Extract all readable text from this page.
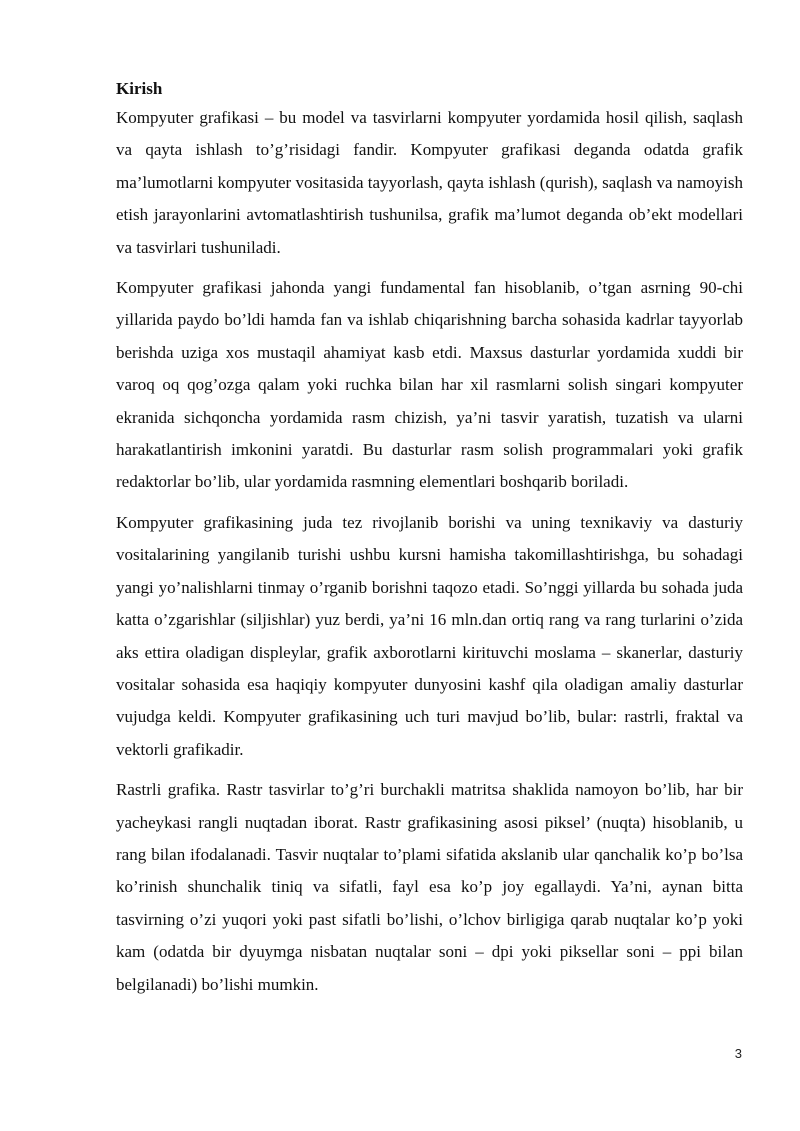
Kirish

Kompyuter grafikasi – bu model va tasvirlarni kompyuter yordamida hosil qilish, saqlash va qayta ishlash to’g’risidagi fandir. Kompyuter grafikasi deganda odatda grafik ma’lumotlarni kompyuter vositasida tayyorlash, qayta ishlash (qurish), saqlash va namoyish etish jarayonlarini avtomatlashtirish tushunilsa, grafik ma’lumot deganda ob’ekt modellari va tasvirlari tushuniladi.

Kompyuter grafikasi jahonda yangi fundamental fan hisoblanib, o’tgan asrning 90-chi yillarida paydo bo’ldi hamda fan va ishlab chiqarishning barcha sohasida kadrlar tayyorlab berishda uziga xos mustaqil ahamiyat kasb etdi. Maxsus dasturlar yordamida xuddi bir varoq oq qog’ozga qalam yoki ruchka bilan har xil rasmlarni solish singari kompyuter ekranida sichqoncha yordamida rasm chizish, ya’ni tasvir yaratish, tuzatish va ularni harakatlantirish imkonini yaratdi. Bu dasturlar rasm solish programmalari yoki grafik redaktorlar bo’lib, ular yordamida rasmning elementlari boshqarib boriladi.

Kompyuter grafikasining juda tez rivojlanib borishi va uning texnikaviy va dasturiy vositalarining yangilanib turishi ushbu kursni hamisha takomillashtirishga, bu sohadagi yangi yo’nalishlarni tinmay o’rganib borishni taqozo etadi. So’nggi yillarda bu sohada juda katta o’zgarishlar (siljishlar) yuz berdi, ya’ni 16 mln.dan ortiq rang va rang turlarini o’zida aks ettira oladigan displeylar, grafik axborotlarni kirituvchi moslama – skanerlar, dasturiy vositalar sohasida esa haqiqiy kompyuter dunyosini kashf qila oladigan amaliy dasturlar vujudga keldi. Kompyuter grafikasining uch turi mavjud bo’lib, bular: rastrli, fraktal va vektorli grafikadir.

Rastrli grafika. Rastr tasvirlar to’g’ri burchakli matritsa shaklida namoyon bo’lib, har bir yacheykasi rangli nuqtadan iborat. Rastr grafikasining asosi piksel’ (nuqta) hisoblanib, u rang bilan ifodalanadi. Tasvir nuqtalar to’plami sifatida akslanib ular qanchalik ko’p bo’lsa ko’rinish shunchalik tiniq va sifatli, fayl esa ko’p joy egallaydi. Ya’ni, aynan bitta tasvirning o’zi yuqori yoki past sifatli bo’lishi, o’lchov birligiga qarab nuqtalar ko’p yoki kam (odatda bir dyuymga nisbatan nuqtalar soni – dpi yoki piksellar soni – ppi bilan belgilanadi) bo’lishi mumkin.

3
